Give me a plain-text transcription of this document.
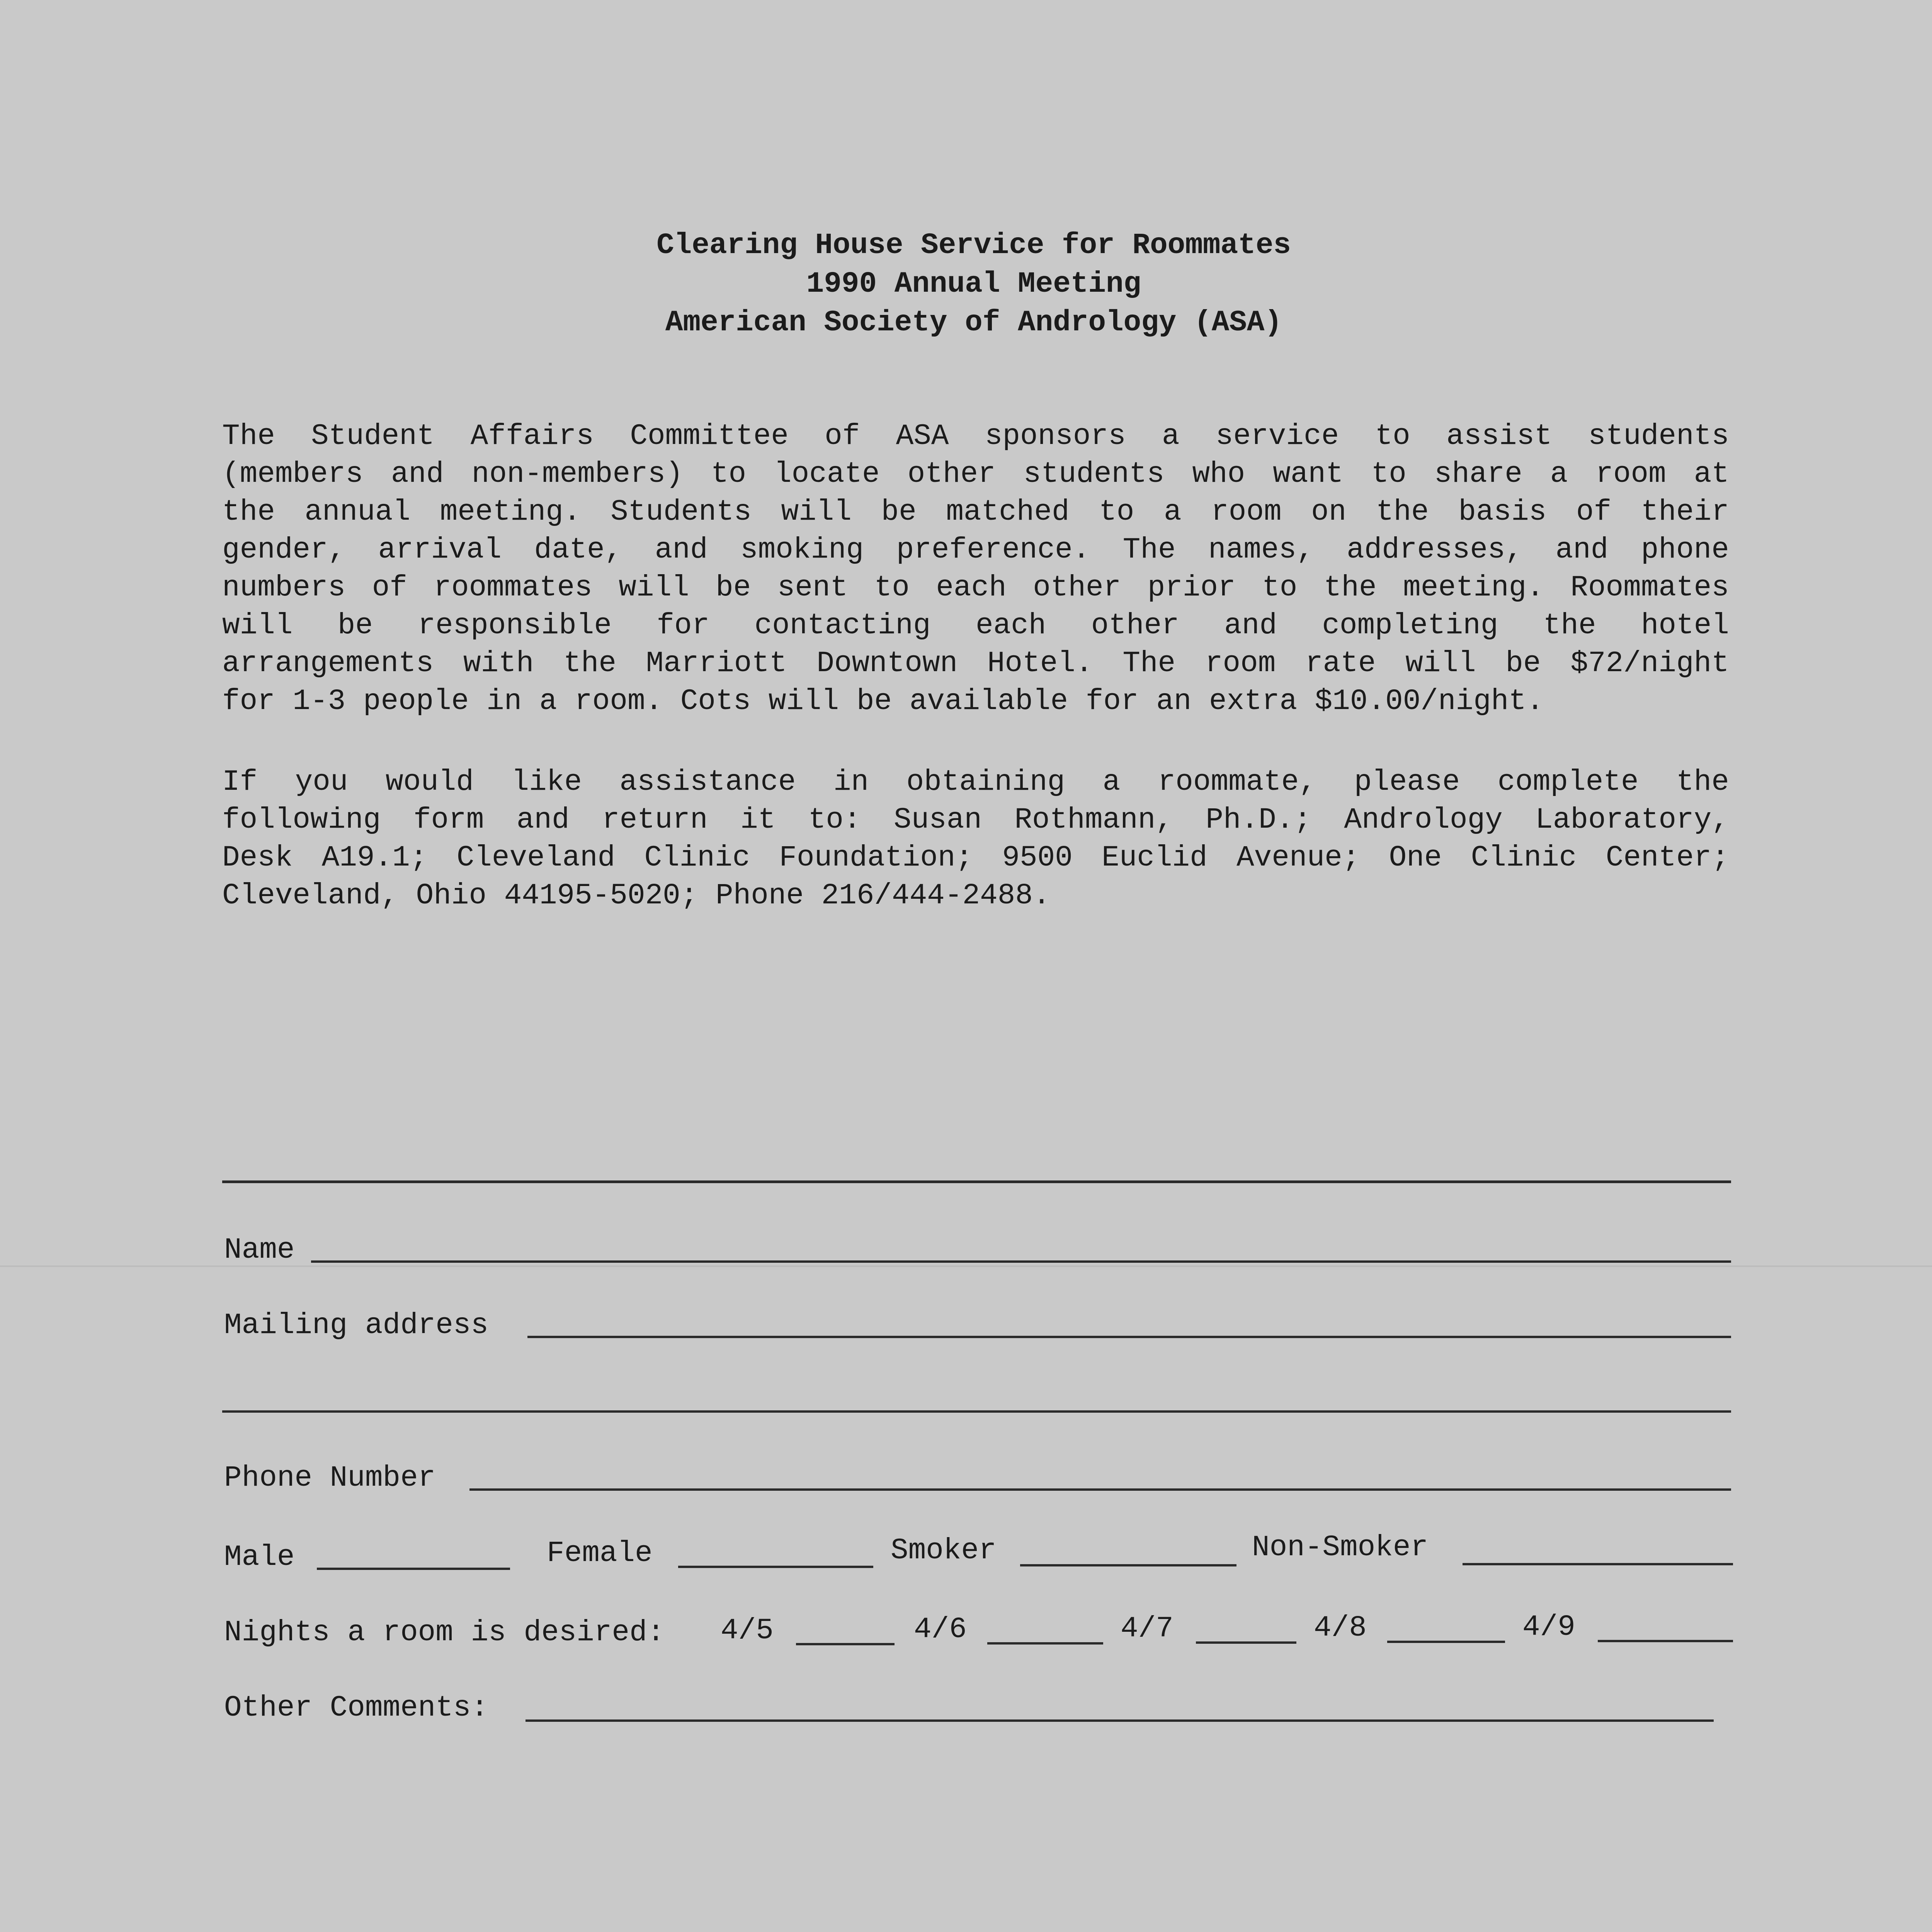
Clearing House Service for Roommates
1990 Annual Meeting
American Society of Andrology (ASA)
The Student Affairs Committee of ASA sponsors a service to assist students
(members and non-members) to locate other students who want to share a room at
the annual meeting. Students will be matched to a room on the basis of their
gender, arrival date, and smoking preference. The names, addresses, and phone
numbers of roommates will be sent to each other prior to the meeting. Roommates
will be responsible for contacting each other and completing the hotel
arrangements with the Marriott Downtown Hotel. The room rate will be $72/night
for 1-3 people in a room. Cots will be available for an extra $10.00/night.
If you would like assistance in obtaining a roommate, please complete the
following form and return it to: Susan Rothmann, Ph.D.; Andrology Laboratory,
Desk A19.1; Cleveland Clinic Foundation; 9500 Euclid Avenue; One Clinic Center;
Cleveland, Ohio 44195-5020; Phone 216/444-2488.
Name
Mailing address
Phone Number
Male	Female	Smoker	Non-Smoker
Nights a room is desired: 4/5	4/6	4/7	4/8	4/9
Other Comments:
